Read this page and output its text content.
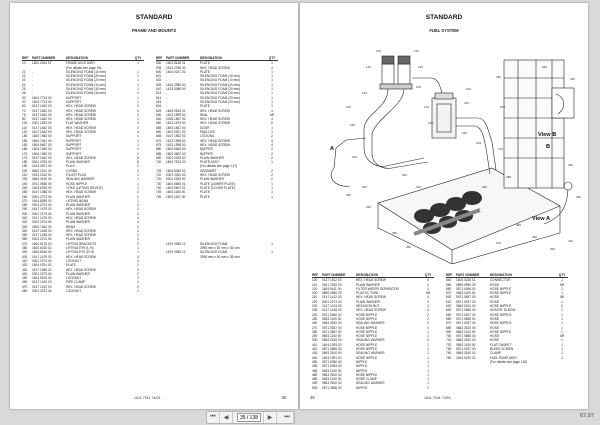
STANDARD
FRAME AND MOUNTS
REF	PART NUMBER	DESIGNATION	QTY
10	1604 0043 57	FRAME AXLE ASSY	1
(For details see page 93)
21	-	SILENCING FOAM (10 mm)	1
22	-	SILENCING FOAM (20 mm)	1
23	-	SILENCING FOAM (20 mm)	1
24	-	SILENCING FOAM (10 mm)	1
25	-	SILENCING FOAM (30 mm)	1
26	-	SILENCING FOAM (10 mm)	1
30	1604 7713 00	SUPPORT	1
40	1604 7714 00	SUPPORT	1
60	0147 1462 03	HEX. HEAD SCREW	4
70	0147 1462 03	HEX. HEAD SCREW	2
75	0147 1462 03	HEX. HEAD SCREW	2
80	0147 1462 03	HEX. HEAD SCREW	1
100	0301 2253 00	FLAT WASHER	2
110	0147 1462 03	HEX. HEAD SCREW	2
120	0147 1462 03	HEX. HEAD SCREW	4
150	1604 7460 00	SUPPORT	1
155	1604 7462 00	SUPPORT	1
160	1604 9487 00	SUPPORT	1
165	1604 7486 00	SUPPORT	1
170	1604 7489 00	SUPPORT	1
175	0147 1462 03	HEX. HEAD SCREW	8
180	0301 2253 00	PLAIN WASHER	8
190	1613 2871 00	PLUG	2
200	0663 2161 00	O-RING	2
210	1613 1510 00	FILLER PLUG	1
230	0663 2610 00	SEALING WASHER	1
240	0571 0656 00	HOSE NIPPLE	1
245	1604 6783 00	YOKE (LIFTING DEVICE)	1
250	0147 1368 03	HEX. HEAD SCREW	2
260	0301 2274 04	PLAIN WASHER	2
270	1604 8395 00	LIFTING BEAM	1
280	0301 2274 04	PLAIN WASHER	2
290	0147 1479 03	HEX. HEAD SCREW	2
300	0301 2274 04	PLAIN WASHER	2
310	0147 1479 03	HEX. HEAD SCREW	4
320	0301 2274 04	PLAIN WASHER	4
330	1604 7454 00	BEAM	2
340	0147 1438 03	HEX. HEAD SCREW	4
350	0147 1438 03	HEX. HEAD SCREW	2
360	0301 2274 04	PLAIN WASHER	2
370	1604 6178 00	LIFTING BRACKETS	2
380	1604 6015 02	LIFTING EYE (L.H)	1
390	1604 6016 02	LIFTING EYE (R.H)	1
400	0147 1479 03	HEX. HEAD SCREW	4
410	0301 2274 04	LOCKNUT	4
420	1604 0791 02	PLATE	1
430	0147 1368 03	HEX. HEAD SCREW	2
440	0301 2273 04	PLAIN WASHER	2
450	1604 9190 00	LOCKNUT	2
460	0147 1243 03	PIPE CLAMP	1
470	0147 1243 03	HEX. HEAD SCREW	2
480	0301 2274 04	LOCKNUT	2
REF	PART NUMBER	DESIGNATION	QTY
530	1604 8168 01	PLATE	1
535	1613 2766 00	HEX. HEAD SCREW	4
600	1604 0221 02	PLATE	1
601	-	SILENCING FOAM (10 mm)	1
602	-	SILENCING FOAM (10 mm)	1
605	1616 2985 00	SILENCING FOAM (20 mm)	1
610	1613 3086 00	SILENCING FOAM (20 mm)	1
613	-	SILENCING FOAM (20 mm)	1
614	-	SILENCING FOAM (20 mm)	1
615	-	SILENCING FOAM (20 mm)	1
616	-	PLATE	1
625	1604 0815 02	HEX. HEAD SCREW	4
630	1613 1599 00	SEAL	AR
640	0326 1567 00	HEX. HEAD SCREW	4
650	1613 1573 00	HEX. HEAD SCREW	6
655	1604 1567 00	DOOR	1
660	1604 0921 00	PADLOCK	1
665	0147 1562 03	LOCKING	2
670	1613 1558 00	HEX. HEAD SCREW	4
675	1613 1558 00	HEX. HEAD SCREW	4
680	1604 0609 00	BUFFER	2
685	1604 0602 00	BUFFER	2
690	0301 2253 00	PLAIN WASHER	2
700	1604 7513 00	PLATE ASSY	1
(For details see page 117)
705	1604 0063 02	GROMMET	2
710	0301 2251 00	HEX. HEAD SCREW	2
720	0301 2253 00	PLAIN WASHER	2
730	1604 0606 01	PLATE (LOWER PLATE)	1
740	1604 0607 01	PLATE (COVER PLATE)	1
745	1604 1166 00	PLATE	1
750	1604 1167 00	PLATE	1
1670 0085 12	SILENCING FOAM	1
2995 mm x 30 mm x 35 mm
1670 0085 12	SILENCING FOAM	1
2995 mm x 30 mm x 35 mm
1611 7011 74/04	35
STANDARD
FUEL SYSTEM
View B
View A
A	B
100	110
120	130
140
150
160	170
180	190
200
210
220
230
240
250
260
270
280
290
300
310
320
330
340
350
360
370
380
390
400
410
420
430
440
450
REF	PART NUMBER	DESIGNATION	QTY
100	0147 1512 03	HEX. HEAD SCREW	4
110	0301 2252 00	PLAIN WASHER	4
120	1604 5411 00	FILTER WATER SEPARATOR	1
200	0899 0950 29	PLASTIC TUBE	AR
210	0147 1412 03	HEX. HEAD SCREW	4
220	0301 2274 00	PLAIN WASHER	4
230	0147 1413 03	HEXAGON NUT	2
235	0147 1418 03	HEX. HEAD SCREW	4
240	0571 0060 00	HOSE NIPPLE	2
250	0653 1100 00	HOSE NIPPLE	2
260	0663 2610 00	SEALING WASHER	2
270	0571 0037 00	HOSE NIPPLE	1
280	0571 0657 00	HOSE NIPPLE	1
290	0653 1100 00	HOSE NIPPLE	1
300	0663 2610 00	SEALING WASHER	2
410	1604 1093 00	HOSE NIPPLE	1
420	0571 0656 00	HOSE NIPPLE	1
430	0663 2610 00	SEALING WASHER	1
440	1604 1991 00	HOSE NIPPLE	1
450	0571 0050 00	NIPPLE	1
455	0571 0053 00	NIPPLE	1
456	0653 1100 00	NIPPLE	1
480	0663 2610 00	HOSE NIPPLE	1
485	0653 1100 00	HOSE CLAMP	1
490	0663 2610 00	SEALING WASHER	1
500	0571 0656 00	NIPPLE	1
REF	PART NUMBER	DESIGNATION	QTY
540	1604 0226 01	CONNECTOR	1
550	0899 0950 29	HOSE	AR
560	0571 0036 00	HOSE NIPPLE	1
570	0653 1100 00	HOSE NIPPLE	1
600	0571 0657 00	HOSE	AR
610	0571 0037 00	HOSE	1
620	0663 2610 00	HOSE NIPPLE	2
630	0571 0656 00	UNIVER. ELBOW	1
650	0571 0037 00	HOSE NIPPLE	1
660	0571 0656 00	HOSE	1
670	0571 0037 00	HOSE NIPPLE	1
680	0663 2610 00	HOSE	1
690	0653 1100 00	HOSE NIPPLE	1
700	0571 0656 00	HOSE	AR
710	0663 2610 00	HOSE	1
720	0653 1100 00	FLAT GASKET	1
730	0571 0037 00	BLEED SCREW	1
740	0663 2610 00	CLAMP	1
750	1604 0220 02	FUEL PUMP ASSY	1
(For details see page 120)
36	1611 7041 74/04
⏮ ◀
35 / 138	▶ ⏭	67.97
